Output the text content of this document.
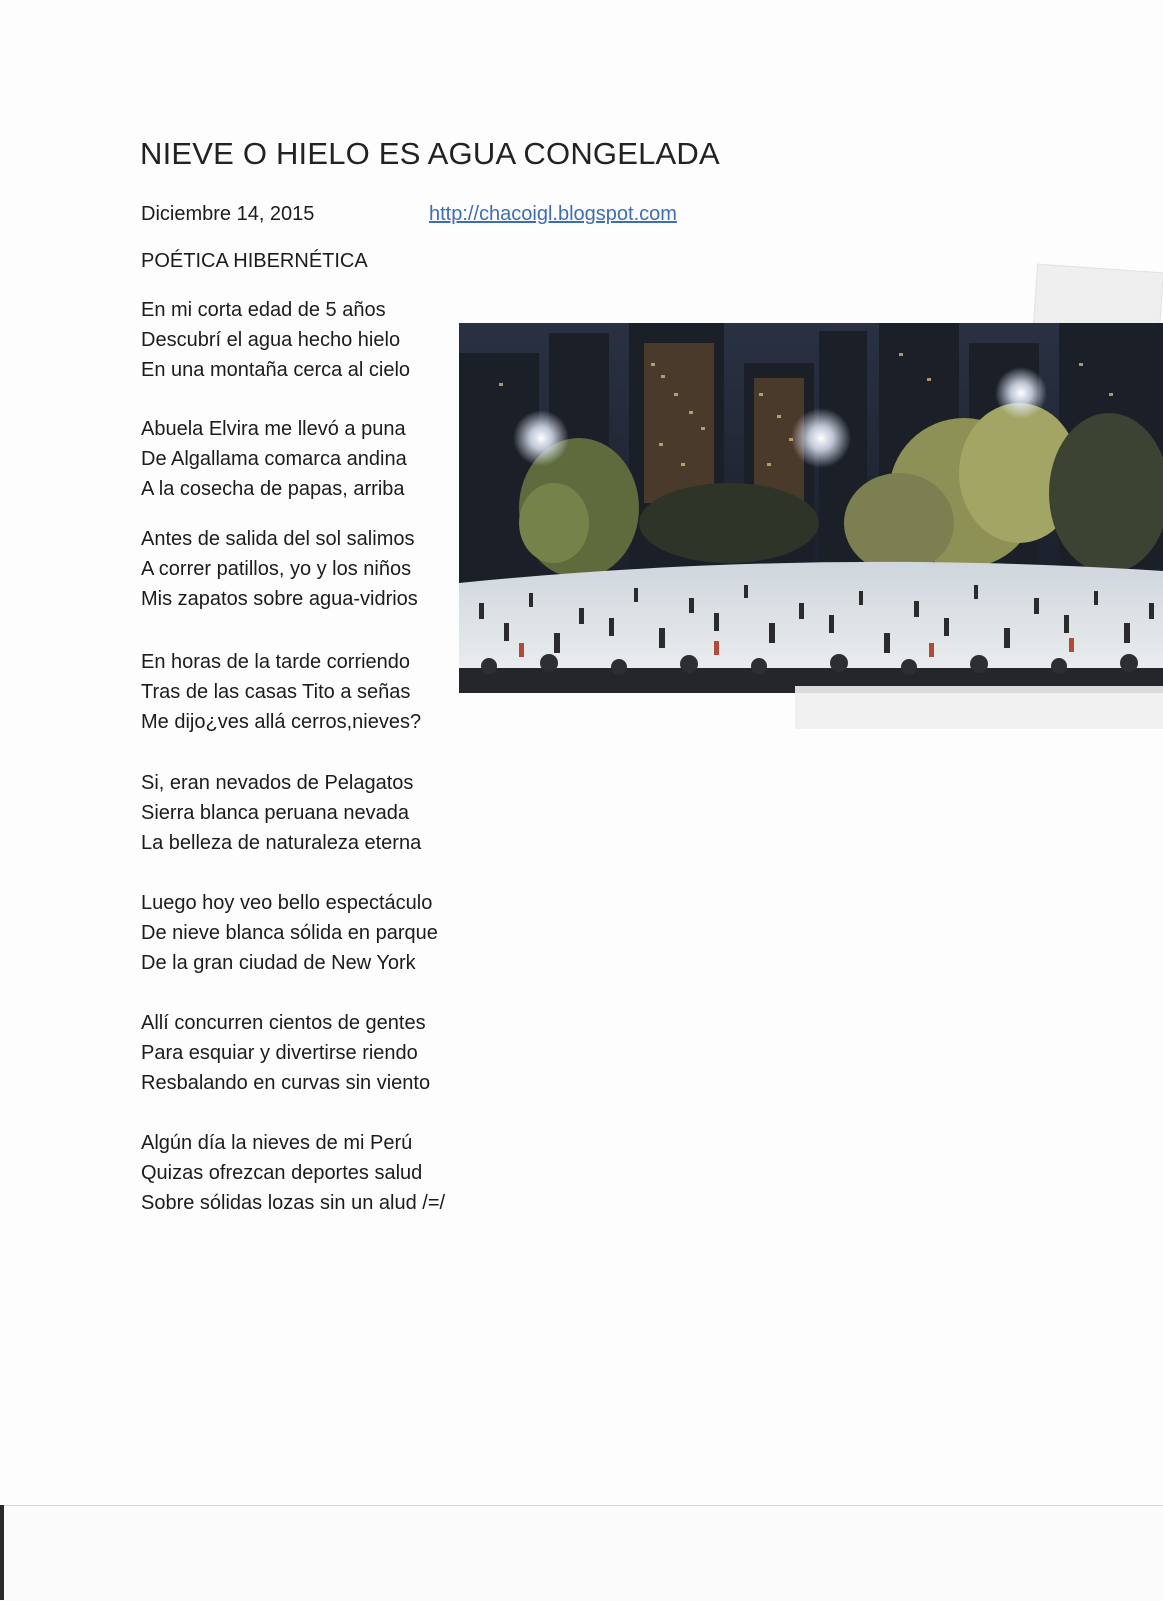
NIEVE O HIELO ES AGUA CONGELADA
Diciembre 14, 2015	http://chacoigl.blogspot.com
POÉTICA HIBERNÉTICA
En mi corta edad de 5 años
Descubrí el agua hecho hielo
En una montaña cerca al cielo
Abuela Elvira me llevó a puna
De Algallama comarca andina
A la cosecha de papas, arriba
Antes de salida del sol salimos
A correr patillos, yo y los niños
Mis zapatos sobre agua-vidrios
En horas de la tarde corriendo
Tras de las casas Tito a señas
Me dijo¿ves allá cerros,nieves?
Si, eran nevados de Pelagatos
Sierra blanca peruana nevada
La belleza de naturaleza eterna
Luego hoy veo bello espectáculo
De nieve blanca sólida en parque
De la gran ciudad de New York
Allí concurren cientos de gentes
Para esquiar y divertirse riendo
Resbalando en curvas sin viento
Algún día la nieves de mi Perú
Quizas ofrezcan deportes salud
Sobre sólidas lozas sin un alud /=/
